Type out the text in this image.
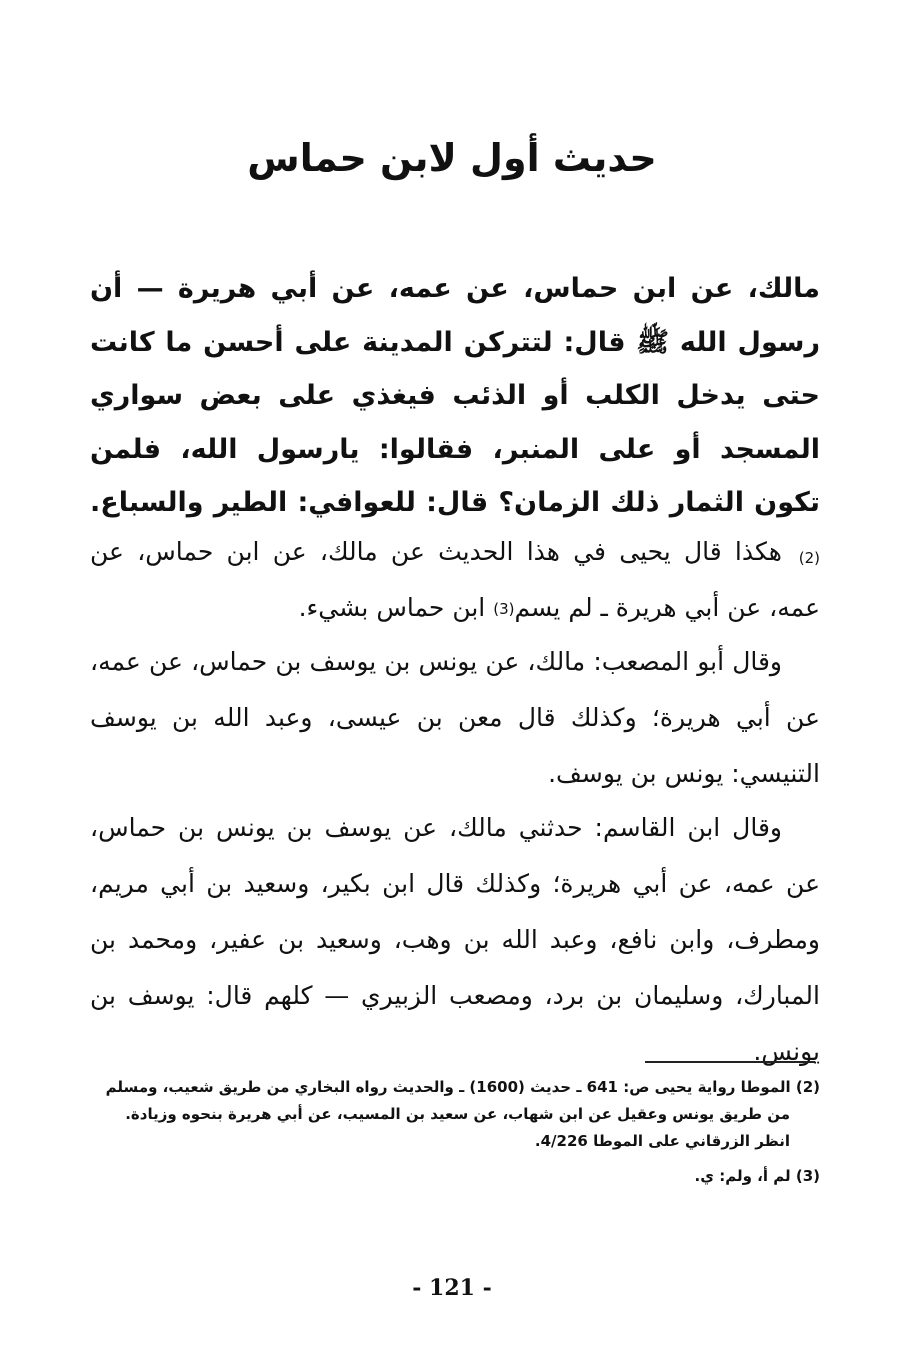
حديث أول لابن حماس
مالك، عن ابن حماس، عن عمه، عن أبي هريرة — أن رسول الله ﷺ قال: لتتركن المدينة على أحسن ما كانت حتى يدخل الكلب أو الذئب فيغذي على بعض سواري المسجد أو على المنبر، فقالوا: يارسول الله، فلمن تكون الثمار ذلك الزمان؟ قال: للعوافي: الطير والسباع. (2)
هكذا قال يحيى في هذا الحديث عن مالك، عن ابن حماس، عن عمه، عن أبي هريرة ـ لم يسم(3) ابن حماس بشيء.
وقال أبو المصعب: مالك، عن يونس بن يوسف بن حماس، عن عمه، عن أبي هريرة؛ وكذلك قال معن بن عيسى، وعبد الله بن يوسف التنيسي: يونس بن يوسف.
وقال ابن القاسم: حدثني مالك، عن يوسف بن يونس بن حماس، عن عمه، عن أبي هريرة؛ وكذلك قال ابن بكير، وسعيد بن أبي مريم، ومطرف، وابن نافع، وعبد الله بن وهب، وسعيد بن عفير، ومحمد بن المبارك، وسليمان بن برد، ومصعب الزبيري — كلهم قال: يوسف بن يونس.

(2) الموطا رواية يحيى ص: 641 ـ حديث (1600) ـ والحديث رواه البخاري من طريق شعيب، ومسلم

من طريق يونس وعقيل عن ابن شهاب، عن سعيد بن المسيب، عن أبي هريرة بنحوه وزيادة.

انظر الزرقاني على الموطا 4/226.

(3) لم أ، ولم: ي.

- 121 -
